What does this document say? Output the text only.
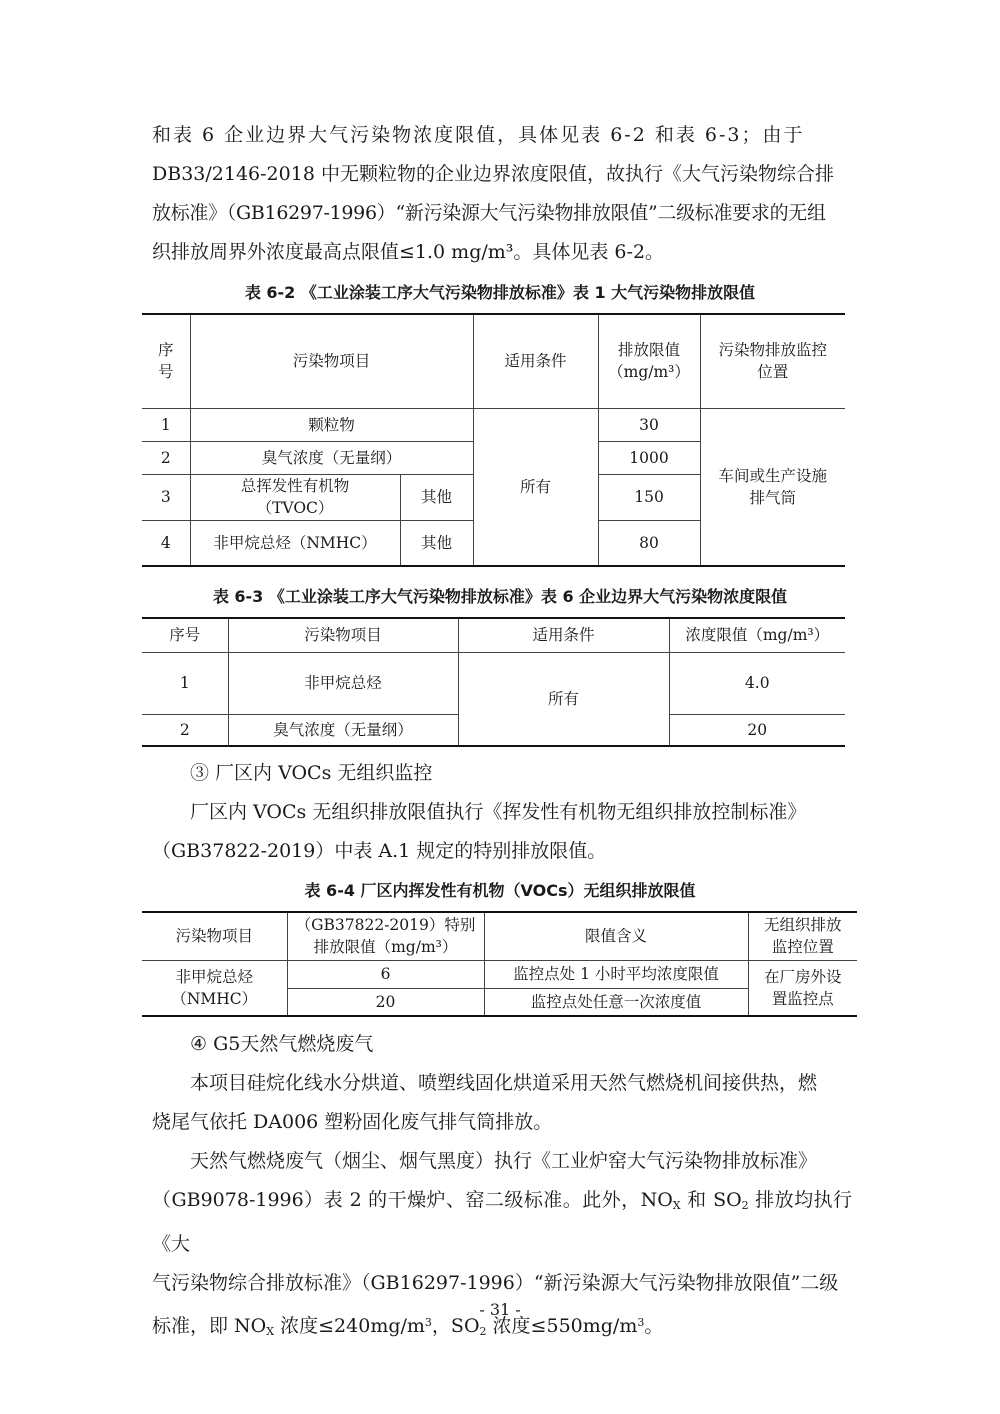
和表 6 企业边界大气污染物浓度限值，具体见表 6-2 和表 6-3；由于
DB33/2146-2018 中无颗粒物的企业边界浓度限值，故执行《大气污染物综合排
放标准》（GB16297-1996）“新污染源大气污染物排放限值”二级标准要求的无组
织排放周界外浓度最高点限值≤1.0 mg/m³。具体见表 6-2。

表 6-2 《工业涂装工序大气污染物排放标准》表 1 大气污染物排放限值

序
号	污染物项目		适用条件	排放限值
（mg/m³）	污染物排放监控
位置
1	颗粒物		所有	30	车间或生产设施
排气筒
2	臭气浓度（无量纲）			1000	
3	总挥发性有机物
（TVOC）	其他		150	
4	非甲烷总烃（NMHC）	其他		80	

表 6-3 《工业涂装工序大气污染物排放标准》表 6 企业边界大气污染物浓度限值

序号	污染物项目	适用条件	浓度限值（mg/m³）
1	非甲烷总烃	所有	4.0
2	臭气浓度（无量纲）		20
③ 厂区内 VOCs 无组织监控
厂区内 VOCs 无组织排放限值执行《挥发性有机物无组织排放控制标准》
（GB37822-2019）中表 A.1 规定的特别排放限值。

表 6-4 厂区内挥发性有机物（VOCs）无组织排放限值

污染物项目	（GB37822-2019）特别
排放限值（mg/m³）	限值含义	无组织排放
监控位置
非甲烷总烃
（NMHC）	6	监控点处 1 小时平均浓度限值	在厂房外设
置监控点
	20	监控点处任意一次浓度值	
④ G5天然气燃烧废气
本项目硅烷化线水分烘道、喷塑线固化烘道采用天然气燃烧机间接供热，燃
烧尾气依托 DA006 塑粉固化废气排气筒排放。
天然气燃烧废气（烟尘、烟气黑度）执行《工业炉窑大气污染物排放标准》
（GB9078-1996）表 2 的干燥炉、窑二级标准。此外，$NO_X$ 和 $SO_2$ 排放均执行《大
气污染物综合排放标准》（GB16297-1996）“新污染源大气污染物排放限值”二级
标准，即 $NO_X$ 浓度$\le 240mg/m^3$，$SO_2$ 浓度$\le 550mg/m^3$。
- 31 -
